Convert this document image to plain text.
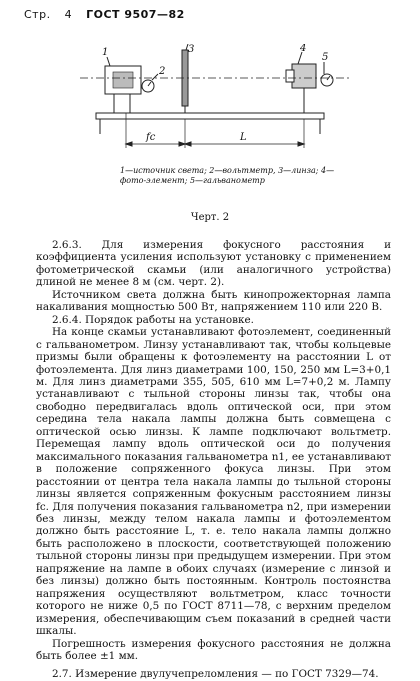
Стр. 4 ГОСТ 9507—82
1
2
3	4
5
fc	L
1—источник света; 2—вольтметр, 3—линза; 4—фото-элемент; 5—гальванометр
Черт. 2

2.6.3. Для измерения фокусного расстояния и коэффициента усиления используют установку с применением фотометрической скамьи (или аналогичного устройства) длиной не менее 8 м (см. черт. 2).

Источником света должна быть кинопрожекторная лампа накаливания мощностью 500 Вт, напряжением 110 или 220 В.

2.6.4. Порядок работы на установке.

На конце скамьи устанавливают фотоэлемент, соединенный с гальванометром. Линзу устанавливают так, чтобы кольцевые призмы были обращены к фотоэлементу на расстоянии L от фотоэлемента. Для линз диаметрами 100, 150, 250 мм L=3+0,1 м. Для линз диаметрами 355, 505, 610 мм L=7+0,2 м. Лампу устанавливают с тыльной стороны линзы так, чтобы она свободно передвигалась вдоль оптической оси, при этом середина тела накала лампы должна быть совмещена с оптической осью линзы. К лампе подключают вольтметр. Перемещая лампу вдоль оптической оси до получения максимального показания гальванометра n1, ее устанавливают в положение сопряженного фокуса линзы. При этом расстоянии от центра тела накала лампы до тыльной стороны линзы является сопряженным фокусным расстоянием линзы fc. Для получения показания гальванометра n2, при измерении без линзы, между телом накала лампы и фотоэлементом должно быть расстояние L, т. е. тело накала лампы должно быть расположено в плоскости, соответствующей положению тыльной стороны линзы при предыдущем измерении. При этом напряжение на лампе в обоих случаях (измерение с линзой и без линзы) должно быть постоянным. Контроль постоянства напряжения осуществляют вольтметром, класс точности которого не ниже 0,5 по ГОСТ 8711—78, с верхним пределом измерения, обеспечивающим съем показаний в средней части шкалы.

Погрешность измерения фокусного расстояния не должна быть более ±1 мм.

2.7. Измерение двулучепреломления — по ГОСТ 7329—74.
